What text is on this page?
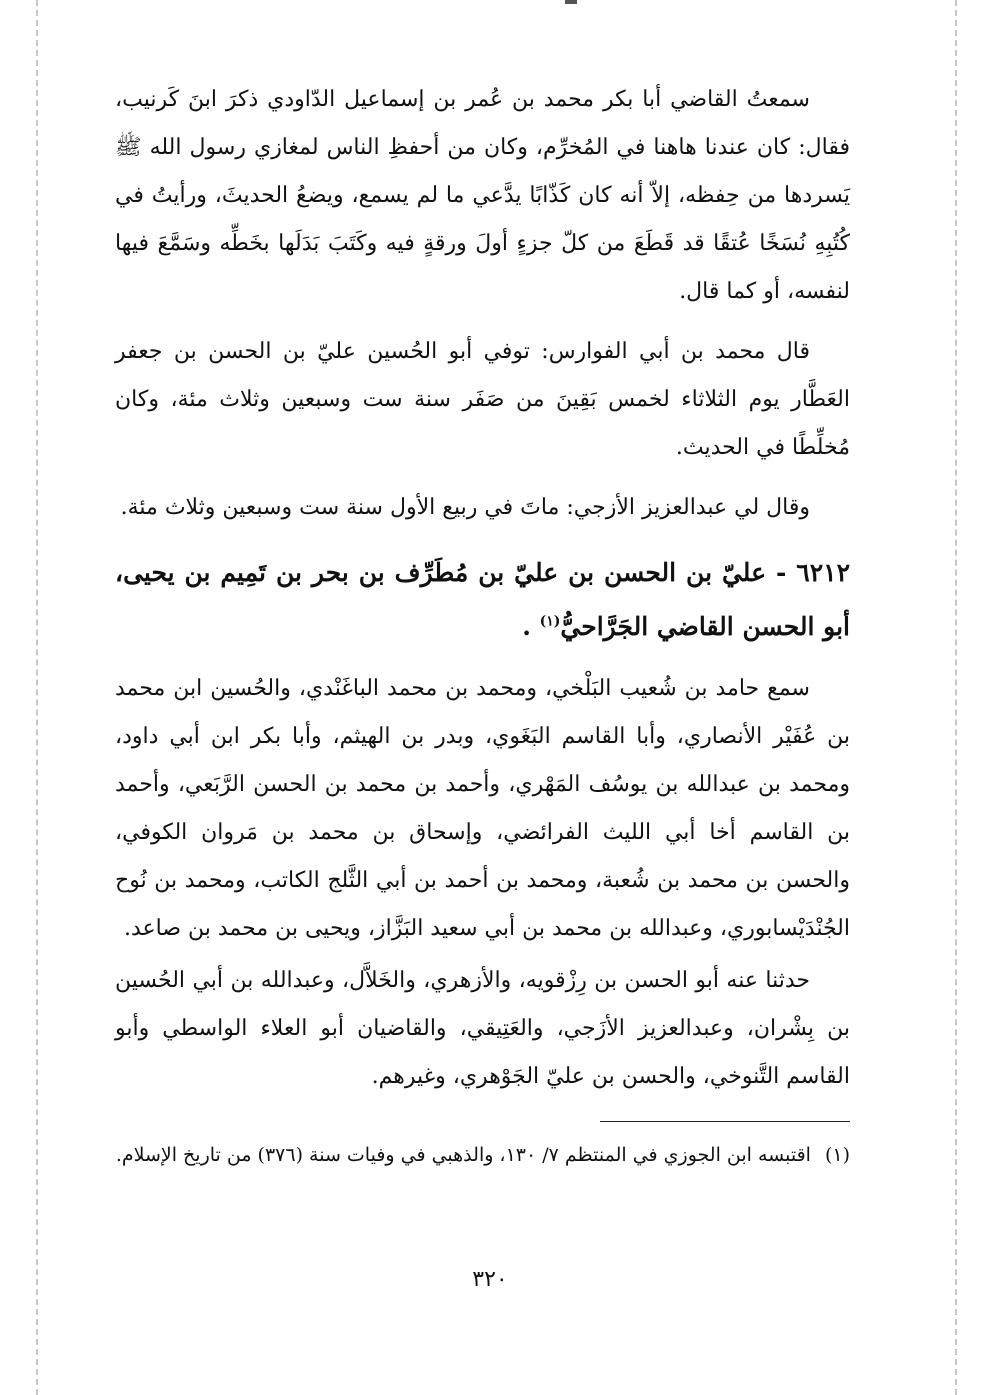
سمعتُ القاضي أبا بكر محمد بن عُمر بن إسماعيل الدّاودي ذكرَ ابنَ كَرنيب، فقال: كان عندنا هاهنا في المُخرِّم، وكان من أحفظِ الناس لمغازي رسول الله ﷺ يَسردها من حِفظه، إلاّ أنه كان كَذّابًا يدَّعي ما لم يسمع، ويضعُ الحديثَ، ورأيتُ في كُتُبِهِ نُسَخًا عُتقًا قد قَطَعَ من كلّ جزءٍ أولَ ورقةٍ فيه وكَتَبَ بَدَلَها بخَطِّه وسَمَّعَ فيها لنفسه، أو كما قال.

قال محمد بن أبي الفوارس: توفي أبو الحُسين عليّ بن الحسن بن جعفر العَطَّار يوم الثلاثاء لخمس بَقِينَ من صَفَر سنة ست وسبعين وثلاث مئة، وكان مُخلِّطًا في الحديث.

وقال لي عبدالعزيز الأزجي: ماتَ في ربيع الأول سنة ست وسبعين وثلاث مئة.

٦٢١٢ - عليّ بن الحسن بن عليّ بن مُطَرِّف بن بحر بن تَمِيم بن يحيى، أبو الحسن القاضي الجَرَّاحيُّ$^{(١)}$ .

سمع حامد بن شُعيب البَلْخي، ومحمد بن محمد الباغَنْدي، والحُسين ابن محمد بن عُفَيْر الأنصاري، وأبا القاسم البَغَوي، وبدر بن الهيثم، وأبا بكر ابن أبي داود، ومحمد بن عبدالله بن يوسُف المَهْري، وأحمد بن محمد بن الحسن الرَّبَعي، وأحمد بن القاسم أخا أبي الليث الفرائضي، وإسحاق بن محمد بن مَروان الكوفي، والحسن بن محمد بن شُعبة، ومحمد بن أحمد بن أبي الثَّلج الكاتب، ومحمد بن نُوح الجُنْدَيْسابوري، وعبدالله بن محمد بن أبي سعيد البَزَّاز، ويحيى بن محمد بن صاعد.

حدثنا عنه أبو الحسن بن رِزْقويه، والأزهري، والخَلاَّل، وعبدالله بن أبي الحُسين بن بِشْران، وعبدالعزيز الأزَجي، والعَتِيقي، والقاضيان أبو العلاء الواسطي وأبو القاسم التَّنوخي، والحسن بن عليّ الجَوْهري، وغيرهم.

(١)
اقتبسه ابن الجوزي في المنتظم ٧/ ١٣٠، والذهبي في وفيات سنة (٣٧٦) من تاريخ الإسلام.
٣٢٠
